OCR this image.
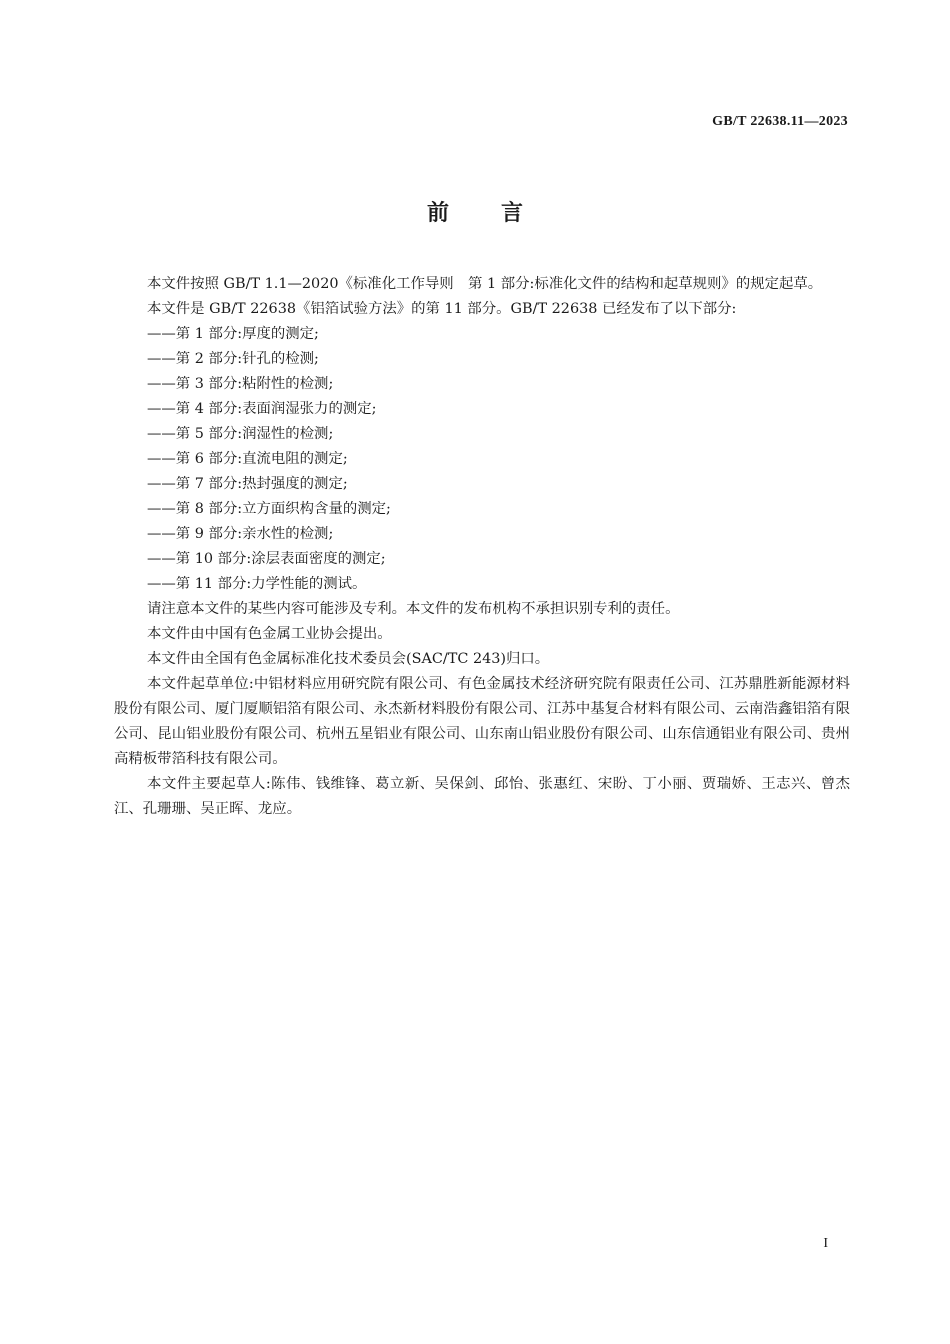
GB/T 22638.11—2023
前 言

本文件按照 GB/T 1.1—2020《标准化工作导则　第 1 部分:标准化文件的结构和起草规则》的规定起草。

本文件是 GB/T 22638《铝箔试验方法》的第 11 部分。GB/T 22638 已经发布了以下部分:

——第 1 部分:厚度的测定;

——第 2 部分:针孔的检测;

——第 3 部分:粘附性的检测;

——第 4 部分:表面润湿张力的测定;

——第 5 部分:润湿性的检测;

——第 6 部分:直流电阻的测定;

——第 7 部分:热封强度的测定;

——第 8 部分:立方面织构含量的测定;

——第 9 部分:亲水性的检测;

——第 10 部分:涂层表面密度的测定;

——第 11 部分:力学性能的测试。

请注意本文件的某些内容可能涉及专利。本文件的发布机构不承担识别专利的责任。

本文件由中国有色金属工业协会提出。

本文件由全国有色金属标准化技术委员会(SAC/TC 243)归口。

本文件起草单位:中铝材料应用研究院有限公司、有色金属技术经济研究院有限责任公司、江苏鼎胜新能源材料股份有限公司、厦门厦顺铝箔有限公司、永杰新材料股份有限公司、江苏中基复合材料有限公司、云南浩鑫铝箔有限公司、昆山铝业股份有限公司、杭州五星铝业有限公司、山东南山铝业股份有限公司、山东信通铝业有限公司、贵州高精板带箔科技有限公司。

本文件主要起草人:陈伟、钱维锋、葛立新、吴保剑、邱怡、张惠红、宋盼、丁小丽、贾瑞娇、王志兴、曾杰江、孔珊珊、吴正晖、龙应。

I
